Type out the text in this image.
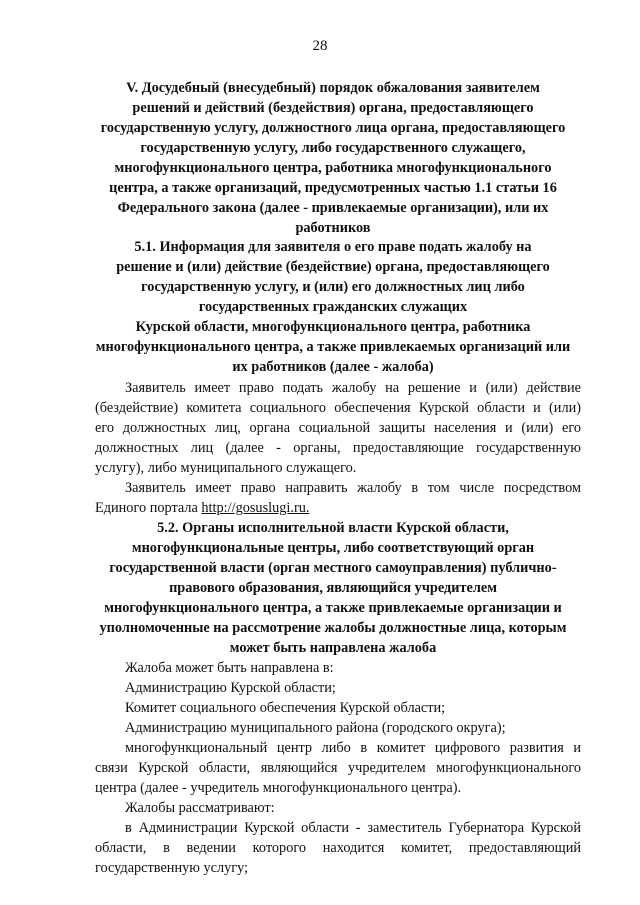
28
V. Досудебный (внесудебный) порядок обжалования заявителем
решений и действий (бездействия) органа, предоставляющего
государственную услугу, должностного лица органа, предоставляющего
государственную услугу, либо государственного служащего,
многофункционального центра, работника многофункционального
центра, а также организаций, предусмотренных частью 1.1 статьи 16
Федерального закона (далее - привлекаемые организации), или их
работников
5.1. Информация для заявителя о его праве подать жалобу на
решение и (или) действие (бездействие) органа, предоставляющего
государственную услугу, и (или) его должностных лиц либо
государственных гражданских служащих
Курской области, многофункционального центра, работника
многофункционального центра, а также привлекаемых организаций или
их работников (далее - жалоба)
Заявитель имеет право подать жалобу на решение и (или) действие
(бездействие) комитета социального обеспечения Курской области и (или)
его должностных лиц, органа социальной защиты населения и (или) его
должностных лиц (далее - органы, предоставляющие государственную
услугу), либо муниципального служащего.
Заявитель имеет право направить жалобу в том числе посредством
Единого портала http://gosuslugi.ru.
5.2. Органы исполнительной власти Курской области,
многофункциональные центры, либо соответствующий орган
государственной власти (орган местного самоуправления) публично-
правового образования, являющийся учредителем
многофункционального центра, а также привлекаемые организации и
уполномоченные на рассмотрение жалобы должностные лица, которым
может быть направлена жалоба
Жалоба может быть направлена в:
Администрацию Курской области;
Комитет социального обеспечения Курской области;
Администрацию муниципального района (городского округа);
многофункциональный центр либо в комитет цифрового развития и
связи Курской области, являющийся учредителем многофункционального
центра (далее - учредитель многофункционального центра).
Жалобы рассматривают:
в Администрации Курской области - заместитель Губернатора Курской
области, в ведении которого находится комитет, предоставляющий
государственную услугу;
